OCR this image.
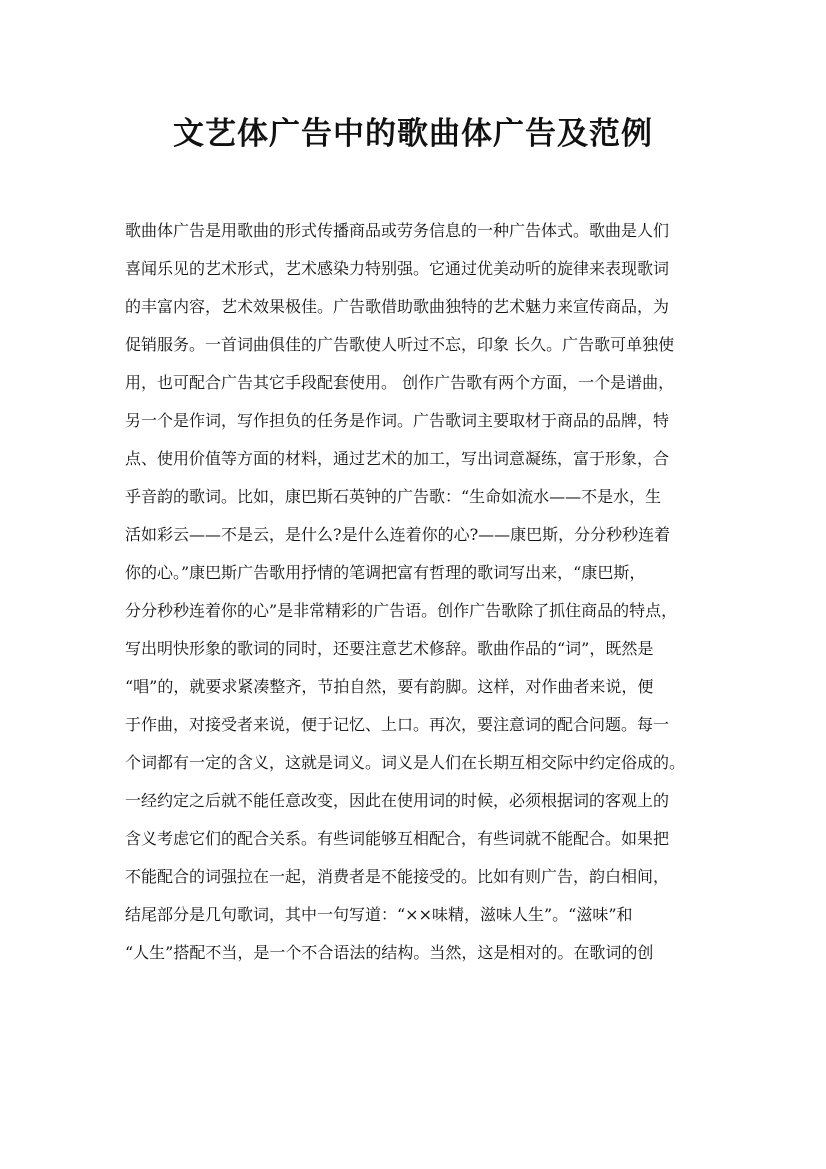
文艺体广告中的歌曲体广告及范例
歌曲体广告是用歌曲的形式传播商品或劳务信息的一种广告体式。歌曲是人们
喜闻乐见的艺术形式，艺术感染力特别强。它通过优美动听的旋律来表现歌词
的丰富内容，艺术效果极佳。广告歌借助歌曲独特的艺术魅力来宣传商品，为
促销服务。一首词曲俱佳的广告歌使人听过不忘，印象 长久。广告歌可单独使
用，也可配合广告其它手段配套使用。 创作广告歌有两个方面，一个是谱曲，
另一个是作词，写作担负的任务是作词。广告歌词主要取材于商品的品牌，特
点、使用价值等方面的材料，通过艺术的加工，写出词意凝练，富于形象，合
乎音韵的歌词。比如，康巴斯石英钟的广告歌：“生命如流水——不是水，生
活如彩云——不是云，是什么?是什么连着你的心?——康巴斯，分分秒秒连着
你的心。”康巴斯广告歌用抒情的笔调把富有哲理的歌词写出来，“康巴斯，
分分秒秒连着你的心”是非常精彩的广告语。创作广告歌除了抓住商品的特点，
写出明快形象的歌词的同时，还要注意艺术修辞。歌曲作品的“词”，既然是
“唱”的，就要求紧凑整齐，节拍自然，要有韵脚。这样，对作曲者来说，便
于作曲，对接受者来说，便于记忆、上口。再次，要注意词的配合问题。每一
个词都有一定的含义，这就是词义。词义是人们在长期互相交际中约定俗成的。
一经约定之后就不能任意改变，因此在使用词的时候，必须根据词的客观上的
含义考虑它们的配合关系。有些词能够互相配合，有些词就不能配合。如果把
不能配合的词强拉在一起，消费者是不能接受的。比如有则广告，韵白相间，
结尾部分是几句歌词，其中一句写道：“××味精，滋味人生”。“滋味”和
“人生”搭配不当，是一个不合语法的结构。当然，这是相对的。在歌词的创
